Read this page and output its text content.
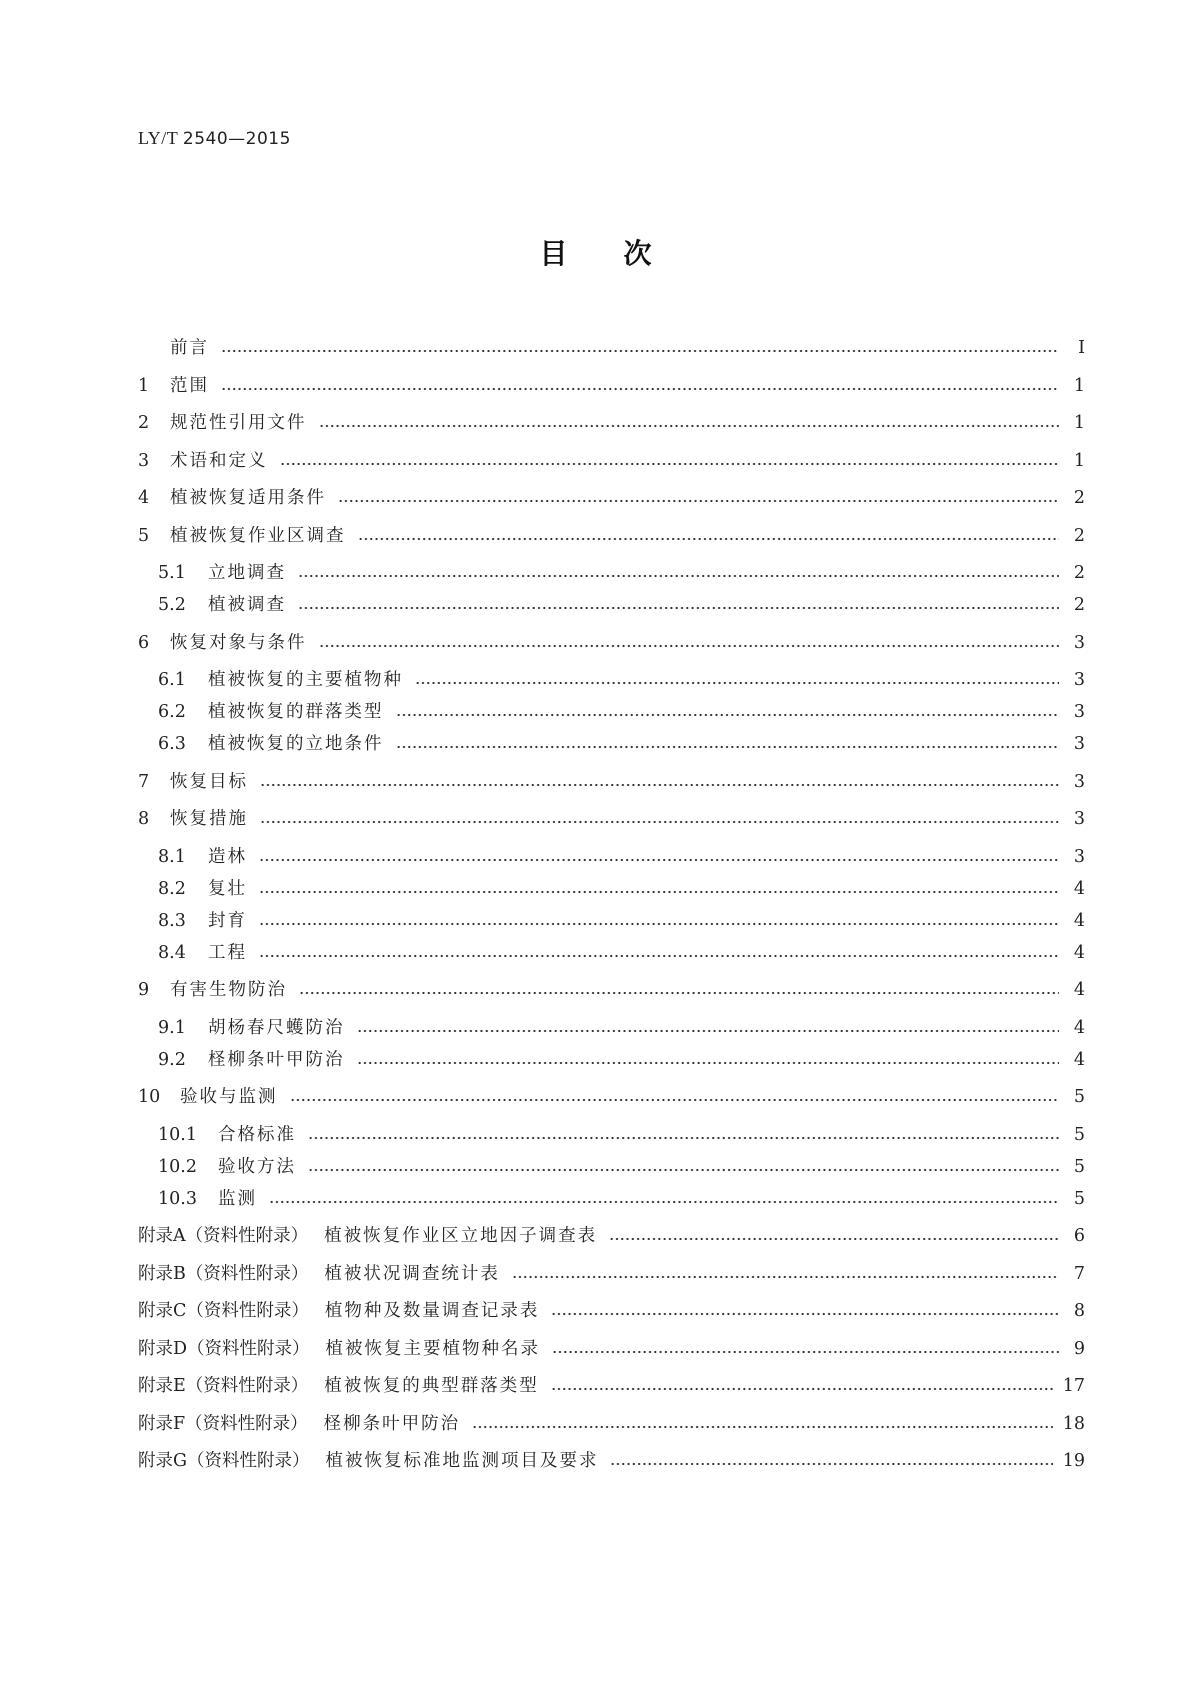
LY/T 2540—2015
目次
前言	Ⅰ
1	范围	1
2	规范性引用文件	1
3	术语和定义	1
4	植被恢复适用条件	2
5	植被恢复作业区调查	2
5.1	立地调查	2
5.2	植被调查	2
6	恢复对象与条件	3
6.1	植被恢复的主要植物种	3
6.2	植被恢复的群落类型	3
6.3	植被恢复的立地条件	3
7	恢复目标	3
8	恢复措施	3
8.1	造林	3
8.2	复壮	4
8.3	封育	4
8.4	工程	4
9	有害生物防治	4
9.1	胡杨春尺蠖防治	4
9.2	柽柳条叶甲防治	4
10	验收与监测	5
10.1	合格标准	5
10.2	验收方法	5
10.3	监测	5
附录A（资料性附录） 植被恢复作业区立地因子调查表	6
附录B（资料性附录） 植被状况调查统计表	7
附录C（资料性附录） 植物种及数量调查记录表	8
附录D（资料性附录） 植被恢复主要植物种名录	9
附录E（资料性附录） 植被恢复的典型群落类型	17
附录F（资料性附录） 柽柳条叶甲防治	18
附录G（资料性附录） 植被恢复标准地监测项目及要求	19
